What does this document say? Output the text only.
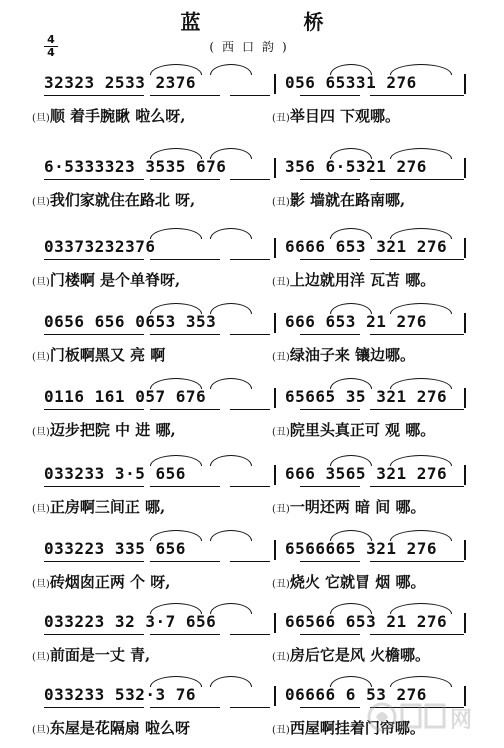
蓝 桥
(西口韵)
$\frac{4}{4}$
32323 2533 2376	056 65331 276
(旦)顺 着手腕瞅 啦么呀,	(丑)举目四 下观哪。
6·5333323 3535 676	356 6·5321 276
(旦)我们家就住在路北 呀,	(丑)影 墙就在路南哪,
03373232376	6666 653 321 276
(旦)门楼啊 是个单脊呀,	(丑)上边就用洋 瓦苫 哪。
0656 656 0653 353	666 653 21 276
(旦)门板啊黑又 亮 啊	(丑)绿油子来 镶边哪。
0116 161 057 676	65665 35 321 276
(旦)迈步把院 中 进 哪,	(丑)院里头真正可 观 哪。
033233 3·5 656	666 3565 321 276
(旦)正房啊三间正 哪,	(丑)一明还两 暗 间 哪。
033223 335 656	6566665 321 276
(旦)砖烟囱正两 个 呀,	(丑)烧火 它就冒 烟 哪。
033223 32 3·7 656	66566 653 21 276
(旦)前面是一丈 青,	(丑)房后它是风 火檐哪。
033233 532·3 76	06666 6 53 276
(旦)东屋是花隔扇 啦么呀	(丑)西屋啊挂着门帘哪。 网
